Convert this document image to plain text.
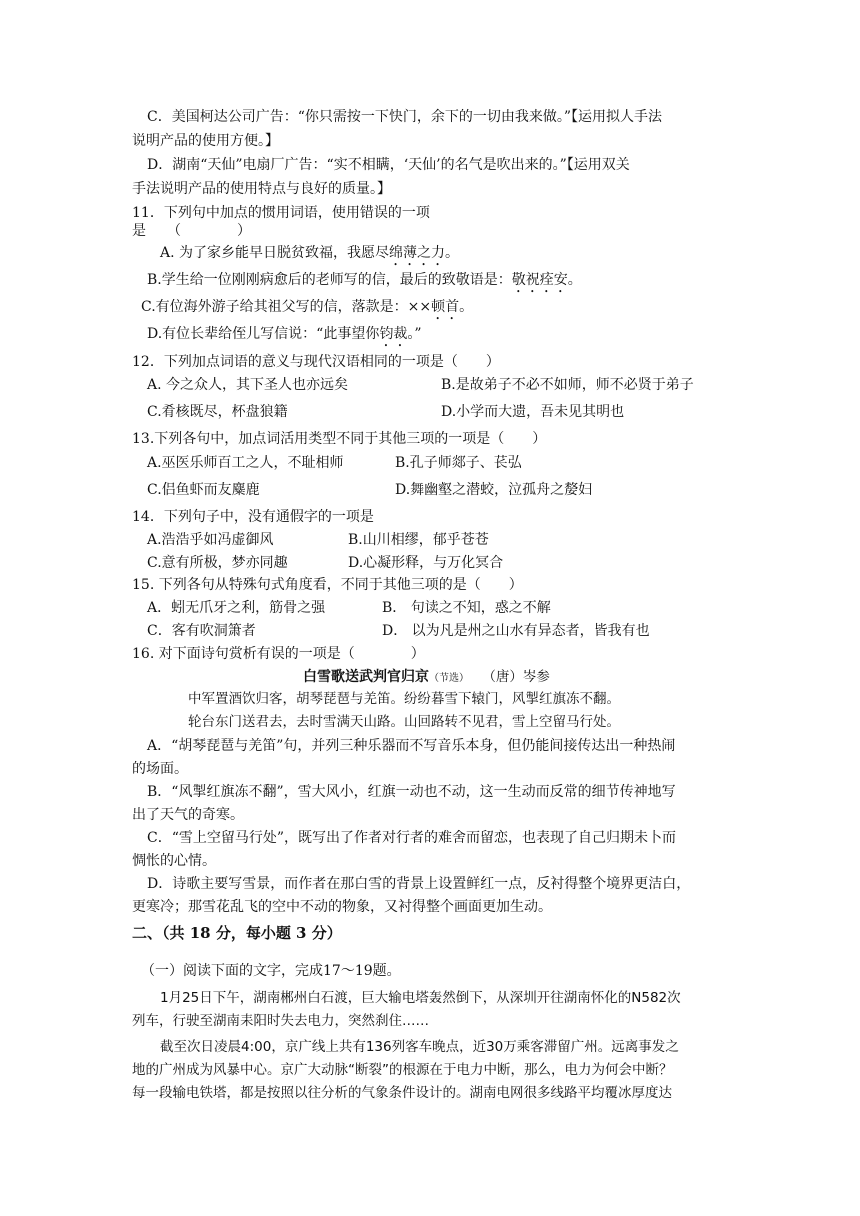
C．美国柯达公司广告：“你只需按一下快门，余下的一切由我来做。”【运用拟人手法
说明产品的使用方便。】
D．湖南“天仙”电扇厂广告：“实不相瞒，‘天仙’的名气是吹出来的。”【运用双关
手法说明产品的使用特点与良好的质量。】
11．下列句中加点的惯用词语，使用错误的一项
是　　（　　　　）
A. 为了家乡能早日脱贫致福，我愿尽绵薄之力。
B.学生给一位刚刚病愈后的老师写的信，最后的致敬语是：敬祝痊安。
C.有位海外游子给其祖父写的信，落款是：××顿首。
D.有位长辈给侄儿写信说：“此事望你钧裁。”
12．下列加点词语的意义与现代汉语相同的一项是（　　）
A. 今之众人，其下圣人也亦远矣	B.是故弟子不必不如师，师不必贤于弟子
C.肴核既尽，杯盘狼籍	D.小学而大遗，吾未见其明也
13.下列各句中，加点词活用类型不同于其他三项的一项是（　　）
A.巫医乐师百工之人，不耻相师	B.孔子师郯子、苌弘
C.侣鱼虾而友麋鹿	D.舞幽壑之潜蛟，泣孤舟之嫠妇
14．下列句子中，没有通假字的一项是
A.浩浩乎如冯虚御风	B.山川相缪，郁乎苍苍
C.意有所极，梦亦同趣	D.心凝形释，与万化冥合
15. 下列各句从特殊句式角度看，不同于其他三项的是（　　）
A．蚓无爪牙之利，筋骨之强	B． 句读之不知，惑之不解
C．客有吹洞箫者	D． 以为凡是州之山水有异态者，皆我有也
16. 对下面诗句赏析有误的一项是（　　　　）
白雪歌送武判官归京（节选） （唐）岑参
中军置酒饮归客，胡琴琵琶与羌笛。纷纷暮雪下辕门，风掣红旗冻不翻。
轮台东门送君去，去时雪满天山路。山回路转不见君，雪上空留马行处。
A．“胡琴琵琶与羌笛”句，并列三种乐器而不写音乐本身，但仍能间接传达出一种热闹
的场面。
B．“风掣红旗冻不翻”，雪大风小，红旗一动也不动，这一生动而反常的细节传神地写
出了天气的奇寒。
C．“雪上空留马行处”，既写出了作者对行者的难舍而留恋，也表现了自己归期未卜而
惆怅的心情。
D．诗歌主要写雪景，而作者在那白雪的背景上设置鲜红一点，反衬得整个境界更洁白，
更寒冷；那雪花乱飞的空中不动的物象，又衬得整个画面更加生动。
二、（共 18 分，每小题 3 分）
（一）阅读下面的文字，完成17～19题。
1月25日下午，湖南郴州白石渡，巨大输电塔轰然倒下，从深圳开往湖南怀化的N582次
列车，行驶至湖南耒阳时失去电力，突然刹住……
截至次日凌晨4:00，京广线上共有136列客车晚点，近30万乘客滞留广州。远离事发之
地的广州成为风暴中心。京广大动脉“断裂”的根源在于电力中断，那么，电力为何会中断？
每一段输电铁塔，都是按照以往分析的气象条件设计的。湖南电网很多线路平均覆冰厚度达
